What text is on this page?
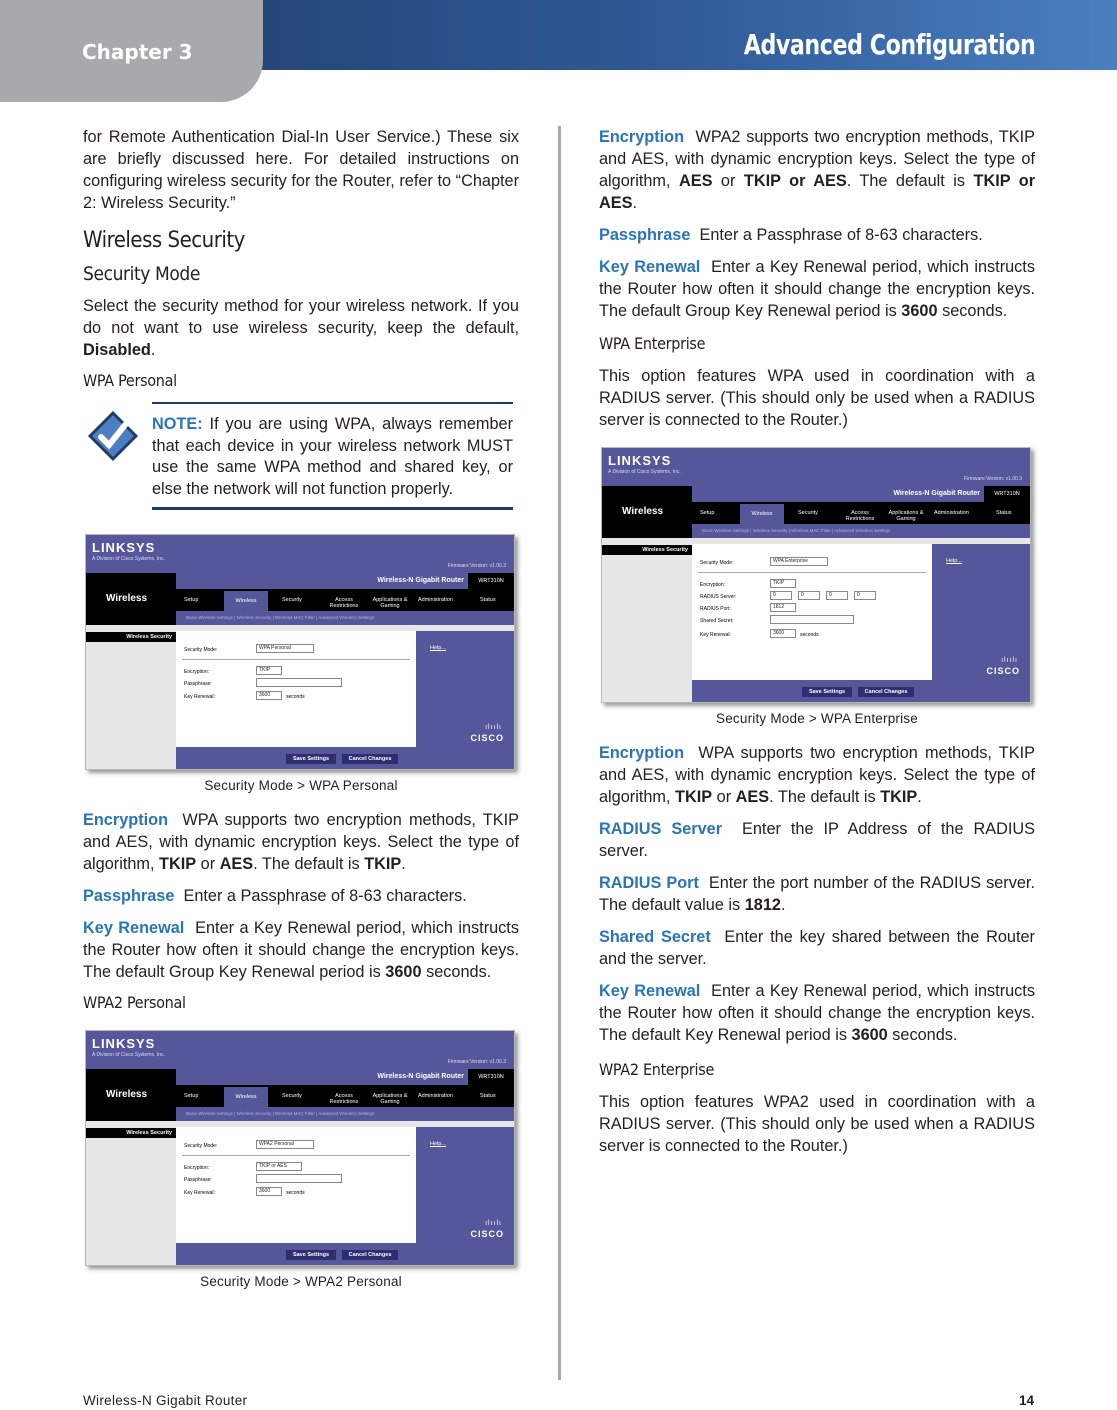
Chapter 3	Advanced Configuration

for Remote Authentication Dial-In User Service.) These six are briefly discussed here. For detailed instructions on configuring wireless security for the Router, refer to “Chapter 2: Wireless Security.”

Wireless Security
Security Mode

Select the security method for your wireless network. If you do not want to use wireless security, keep the default, Disabled.

WPA Personal

NOTE: If you are using WPA, always remember that each device in your wireless network MUST use the same WPA method and shared key, or else the network will not function properly.

LINKSYS
A Division of Cisco Systems, Inc.
Firmware Version: v1.00.3
Wireless
Wireless-N Gigabit Router	WRT310N
Setup	Wireless	Security	Access Restrictions
Applications & Gaming
Administration	Status
Basic Wireless Settings | Wireless Security | Wireless MAC Filter | Advanced Wireless Settings
Wireless Security
Security Mode:	WPA Personal
Encryption:	TKIP
Passphrase:
Key Renewal:	3600	seconds
Help...
Save Settings	Cancel Changes
ılıılı
CISCO

Security Mode > WPA Personal

Encryption WPA supports two encryption methods, TKIP and AES, with dynamic encryption keys. Select the type of algorithm, TKIP or AES. The default is TKIP.

Passphrase Enter a Passphrase of 8-63 characters.

Key Renewal Enter a Key Renewal period, which instructs the Router how often it should change the encryption keys. The default Group Key Renewal period is 3600 seconds.

WPA2 Personal
LINKSYS
A Division of Cisco Systems, Inc.
Firmware Version: v1.00.3
Wireless
Wireless-N Gigabit Router	WRT310N
Setup	Wireless	Security	Access Restrictions
Applications & Gaming
Administration	Status
Basic Wireless Settings | Wireless Security | Wireless MAC Filter | Advanced Wireless Settings
Wireless Security
Security Mode:	WPA2 Personal
Encryption:	TKIP or AES
Passphrase:
Key Renewal:	3600	seconds
Help...
Save Settings	Cancel Changes
ılıılı
CISCO

Security Mode > WPA2 Personal

Encryption WPA2 supports two encryption methods, TKIP and AES, with dynamic encryption keys. Select the type of algorithm, AES or TKIP or AES. The default is TKIP or AES.

Passphrase Enter a Passphrase of 8-63 characters.

Key Renewal Enter a Key Renewal period, which instructs the Router how often it should change the encryption keys. The default Group Key Renewal period is 3600 seconds.

WPA Enterprise

This option features WPA used in coordination with a RADIUS server. (This should only be used when a RADIUS server is connected to the Router.)

LINKSYS
A Division of Cisco Systems, Inc.
Firmware Version: v1.00.3
Wireless
Wireless-N Gigabit Router	WRT310N
Setup	Wireless	Security	Access Restrictions
Applications & Gaming
Administration	Status
Basic Wireless Settings | Wireless Security | Wireless MAC Filter | Advanced Wireless Settings
Wireless Security
Security Mode:	WPA Enterprise
Encryption:	TKIP
RADIUS Server:	0	0	0	0
RADIUS Port:	1812
Shared Secret:
Key Renewal:	3600	seconds
Help...
Save Settings	Cancel Changes
ılıılı
CISCO

Security Mode > WPA Enterprise

Encryption WPA supports two encryption methods, TKIP and AES, with dynamic encryption keys. Select the type of algorithm, TKIP or AES. The default is TKIP.

RADIUS Server Enter the IP Address of the RADIUS server.

RADIUS Port Enter the port number of the RADIUS server. The default value is 1812.

Shared Secret Enter the key shared between the Router and the server.

Key Renewal Enter a Key Renewal period, which instructs the Router how often it should change the encryption keys. The default Key Renewal period is 3600 seconds.

WPA2 Enterprise

This option features WPA2 used in coordination with a RADIUS server. (This should only be used when a RADIUS server is connected to the Router.)

Wireless-N Gigabit Router	14
